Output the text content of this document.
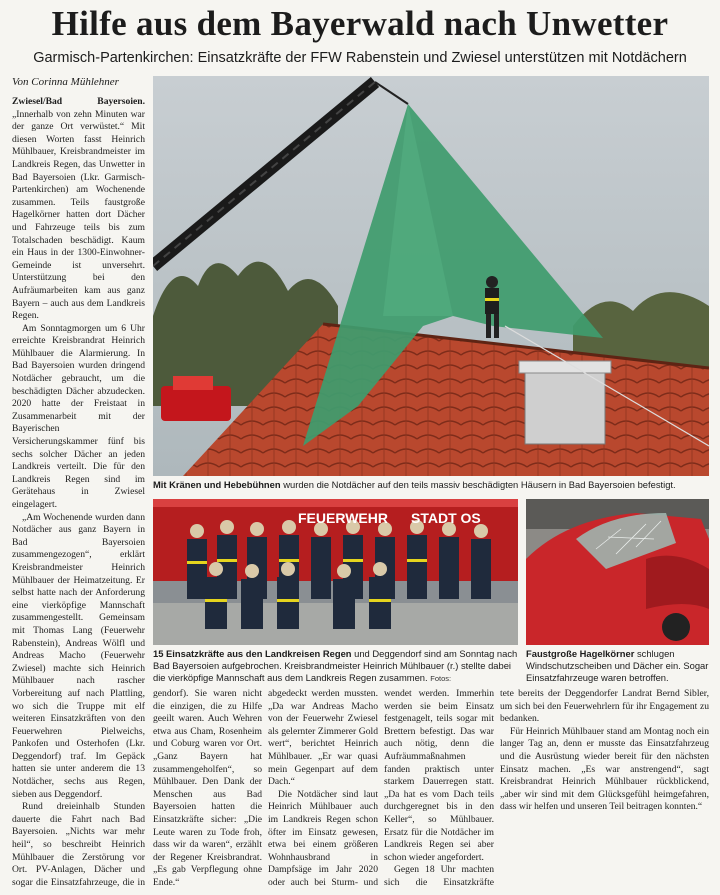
Hilfe aus dem Bayerwald nach Unwetter
Garmisch-Partenkirchen: Einsatzkräfte der FFW Rabenstein und Zwiesel unterstützen mit Notdächern
Von Corinna Mühlehner

Zwiesel/Bad Bayersoien. „Innerhalb von zehn Minuten war der ganze Ort verwüstet.“ Mit diesen Worten fasst Heinrich Mühlbauer, Kreisbrandmeister im Landkreis Regen, das Unwetter in Bad Bayersoien (Lkr. Garmisch-Partenkirchen) am Wochenende zusammen. Teils faustgroße Hagelkörner hatten dort Dächer und Fahrzeuge teils bis zum Totalschaden beschädigt. Kaum ein Haus in der 1300-Einwohner-Gemeinde ist unversehrt. Unterstützung bei den Aufräumarbeiten kam aus ganz Bayern – auch aus dem Landkreis Regen.

Am Sonntagmorgen um 6 Uhr erreichte Kreisbrandrat Heinrich Mühlbauer die Alarmierung. In Bad Bayersoien wurden dringend Notdächer gebraucht, um die beschädigten Dächer abzudecken. 2020 hatte der Freistaat in Zusammenarbeit mit der Bayerischen Versicherungskammer fünf bis sechs solcher Dächer an jeden Landkreis verteilt. Die für den Landkreis Regen sind im Gerätehaus in Zwiesel eingelagert.

„Am Wochenende wurden dann Notdächer aus ganz Bayern in Bad Bayersoien zusammengezogen“, erklärt Kreisbrandmeister Heinrich Mühlbauer der Heimatzeitung. Er selbst hatte nach der Anforderung eine vierköpfige Mannschaft zusammengestellt. Gemeinsam mit Thomas Lang (Feuerwehr Rabenstein), Andreas Wölfl und Andreas Macho (Feuerwehr Zwiesel) machte sich Heinrich Mühlbauer nach rascher Vorbereitung auf nach Plattling, wo sich die Truppe mit elf weiteren Einsatzkräften von den Feuerwehren Pielweichs, Pankofen und Osterhofen (Lkr. Deggendorf) traf. Im Gepäck hatten sie unter anderem die 13 Notdächer, sechs aus Regen, sieben aus Deggendorf.

Rund dreieinhalb Stunden dauerte die Fahrt nach Bad Bayersoien. „Nichts war mehr heil“, so beschreibt Heinrich Mühlbauer die Zerstörung vor Ort. PV-Anlagen, Dächer und sogar die Einsatzfahrzeuge, die in

Mit Kränen und Hebebühnen wurden die Notdächer auf den teils massiv beschädigten Häusern in Bad Bayersoien befestigt.
FEUERWEHR STADT OS
15 Einsatzkräfte aus den Landkreisen Regen und Deggendorf sind am Sonntag nach Bad Bayersoien aufgebrochen. Kreisbrandmeister Heinrich Mühlbauer (r.) stellte dabei die vierköpfige Mannschaft aus dem Landkreis Regen zusammen. Fotos:
Faustgroße Hagelkörner schlugen Windschutzscheiben und Dächer ein. Sogar Einsatzfahrzeuge waren betroffen.

gendorf). Sie waren nicht die einzigen, die zu Hilfe geeilt waren. Auch Wehren etwa aus Cham, Rosenheim und Coburg waren vor Ort. „Ganz Bayern hat zusammengeholfen“, so Mühlbauer. Den Dank der Menschen aus Bad Bayersoien hatten die Einsatzkräfte sicher: „Die Leute waren zu Tode froh, dass wir da waren“, erzählt der Regener Kreisbrandrat. „Es gab Verpflegung ohne Ende.“

abgedeckt werden mussten. „Da war Andreas Macho von der Feuerwehr Zwiesel als gelernter Zimmerer Gold wert“, berichtet Heinrich Mühlbauer. „Er war quasi mein Gegenpart auf dem Dach.“

Die Notdächer sind laut Heinrich Mühlbauer auch im Landkreis Regen schon öfter im Einsatz gewesen, etwa bei einem größeren Wohnhausbrand in Dampfsäge im Jahr 2020 oder auch bei Sturm- und

wendet werden. Immerhin werden sie beim Einsatz festgenagelt, teils sogar mit Brettern befestigt. Das war auch nötig, denn die Aufräummaßnahmen fanden praktisch unter starkem Dauerregen statt. „Da hat es vom Dach teils durchgeregnet bis in den Keller“, so Mühlbauer. Ersatz für die Notdächer im Landkreis Regen sei aber schon wieder angefordert.

Gegen 18 Uhr machten sich die Einsatzkräfte

tete bereits der Deggendorfer Landrat Bernd Sibler, um sich bei den Feuerwehrlern für ihr Engagement zu bedanken.

Für Heinrich Mühlbauer stand am Montag noch ein langer Tag an, denn er musste das Einsatzfahrzeug und die Ausrüstung wieder bereit für den nächsten Einsatz machen. „Es war anstrengend“, sagt Kreisbrandrat Heinrich Mühlbauer rückblickend, „aber wir sind mit dem Glücksgefühl heimgefahren, dass wir helfen und unseren Teil beitragen konnten.“
